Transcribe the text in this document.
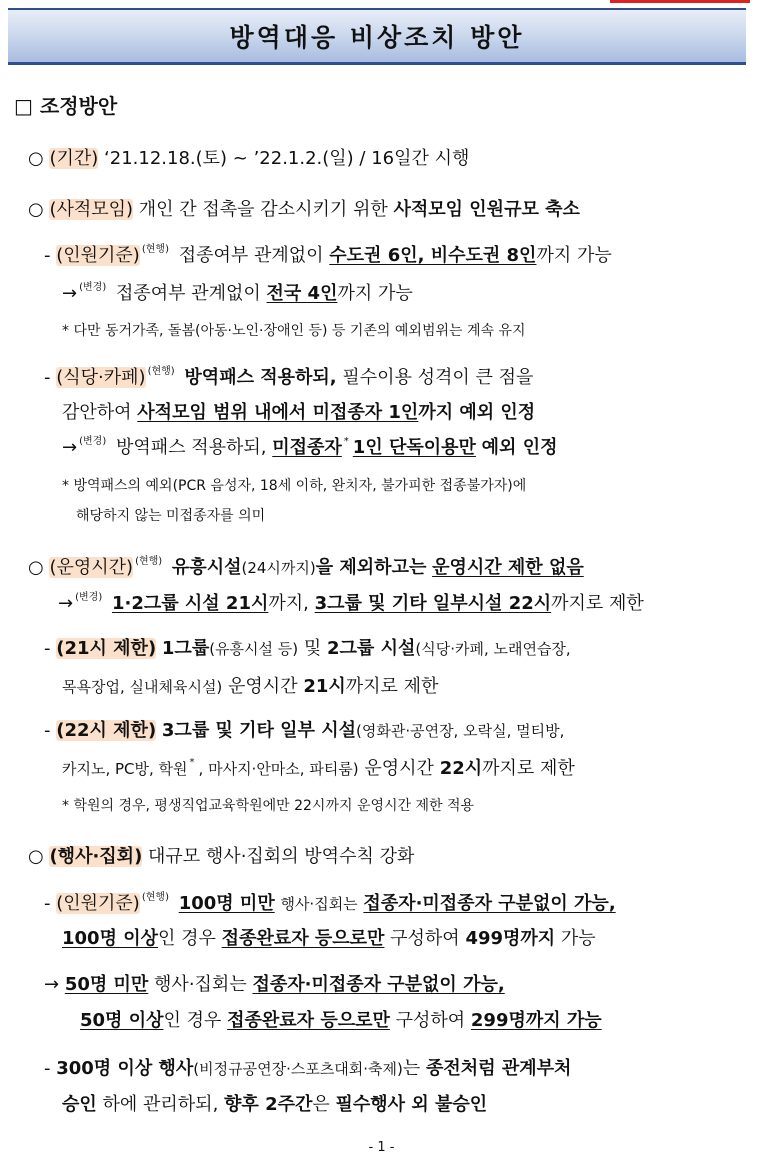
방역대응 비상조치 방안
□ 조정방안
○ (기간) ‘21.12.18.(토) ~ ’22.1.2.(일) / 16일간 시행
○ (사적모임) 개인 간 접촉을 감소시키기 위한 사적모임 인원규모 축소
- (인원기준) $^{(현행)}$ 접종여부 관계없이 수도권 6인, 비수도권 8인까지 가능
→ $^{(변경)}$ 접종여부 관계없이 전국 4인까지 가능
* 다만 동거가족, 돌봄(아동·노인·장애인 등) 등 기존의 예외범위는 계속 유지
- (식당·카페) $^{(현행)}$ 방역패스 적용하되, 필수이용 성격이 큰 점을
감안하여 사적모임 범위 내에서 미접종자 1인까지 예외 인정
→ $^{(변경)}$ 방역패스 적용하되, 미접종자 * 1인 단독이용만 예외 인정
* 방역패스의 예외(PCR 음성자, 18세 이하, 완치자, 불가피한 접종불가자)에
해당하지 않는 미접종자를 의미
○ (운영시간) $^{(현행)}$ 유흥시설(24시까지)을 제외하고는 운영시간 제한 없음
→ $^{(변경)}$ 1·2그룹 시설 21시까지, 3그룹 및 기타 일부시설 22시까지로 제한
- (21시 제한) 1그룹(유흥시설 등) 및 2그룹 시설(식당·카페, 노래연습장,
목욕장업, 실내체육시설) 운영시간 21시까지로 제한
- (22시 제한) 3그룹 및 기타 일부 시설(영화관·공연장, 오락실, 멀티방,
카지노, PC방, 학원 * , 마사지·안마소, 파티룸) 운영시간 22시까지로 제한
* 학원의 경우, 평생직업교육학원에만 22시까지 운영시간 제한 적용
○ (행사·집회) 대규모 행사·집회의 방역수칙 강화
- (인원기준) $^{(현행)}$ 100명 미만 행사·집회는 접종자·미접종자 구분없이 가능,
100명 이상인 경우 접종완료자 등으로만 구성하여 499명까지 가능
→ 50명 미만 행사·집회는 접종자·미접종자 구분없이 가능,
50명 이상인 경우 접종완료자 등으로만 구성하여 299명까지 가능
- 300명 이상 행사(비정규공연장·스포츠대회·축제)는 종전처럼 관계부처
승인 하에 관리하되, 향후 2주간은 필수행사 외 불승인
- 1 -
